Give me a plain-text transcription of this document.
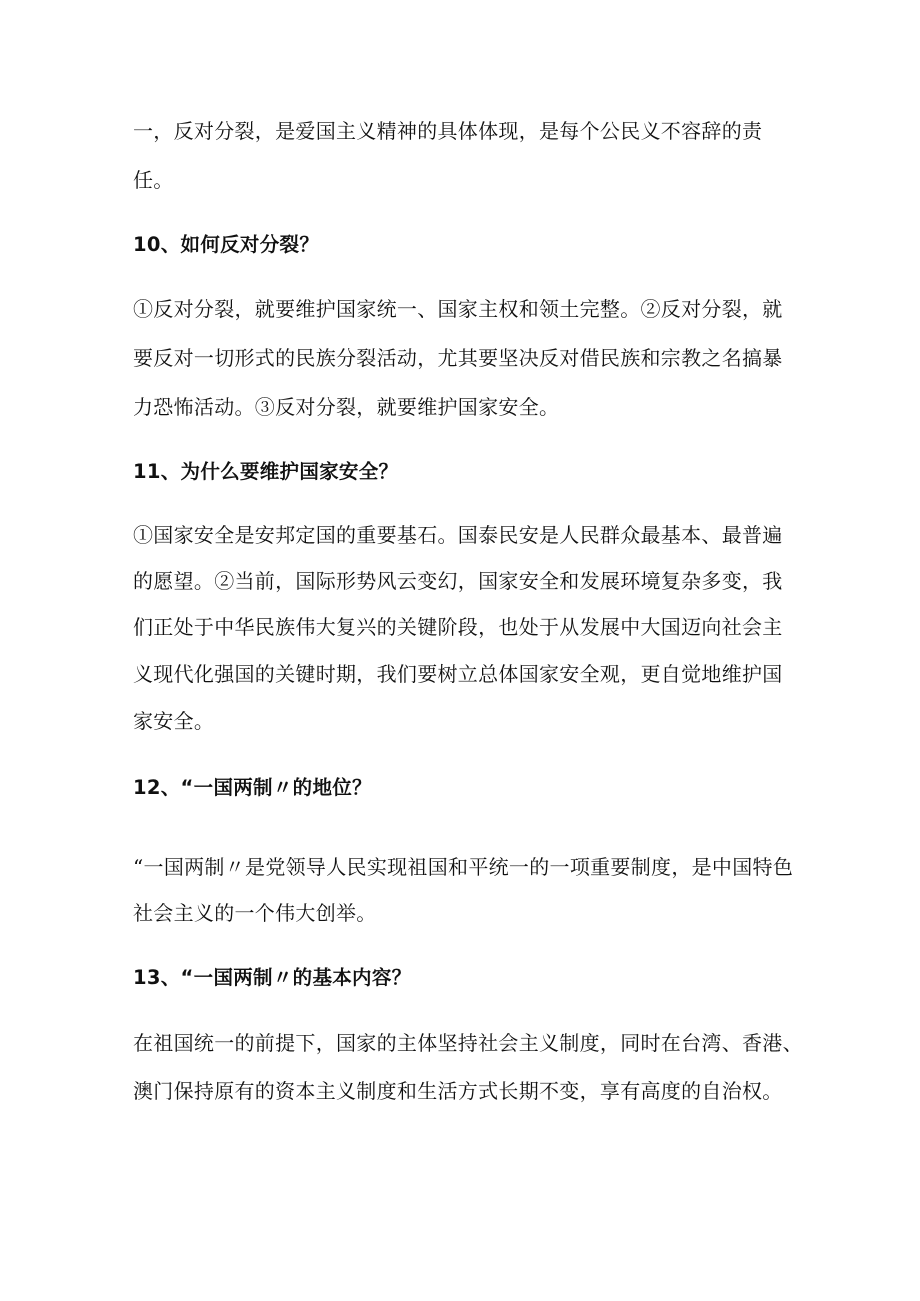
一，反对分裂，是爱国主义精神的具体体现，是每个公民义不容辞的责
任。
10、如何反对分裂？
①反对分裂，就要维护国家统一、国家主权和领土完整。②反对分裂，就
要反对一切形式的民族分裂活动，尤其要坚决反对借民族和宗教之名搞暴
力恐怖活动。③反对分裂，就要维护国家安全。
11、为什么要维护国家安全？
①国家安全是安邦定国的重要基石。国泰民安是人民群众最基本、最普遍
的愿望。②当前，国际形势风云变幻，国家安全和发展环境复杂多变，我
们正处于中华民族伟大复兴的关键阶段，也处于从发展中大国迈向社会主
义现代化强国的关键时期，我们要树立总体国家安全观，更自觉地维护国
家安全。
12、“一国两制〃的地位？
“一国两制〃是党领导人民实现祖国和平统一的一项重要制度，是中国特色
社会主义的一个伟大创举。
13、“一国两制〃的基本内容？
在祖国统一的前提下，国家的主体坚持社会主义制度，同时在台湾、香港、
澳门保持原有的资本主义制度和生活方式长期不变，享有高度的自治权。
